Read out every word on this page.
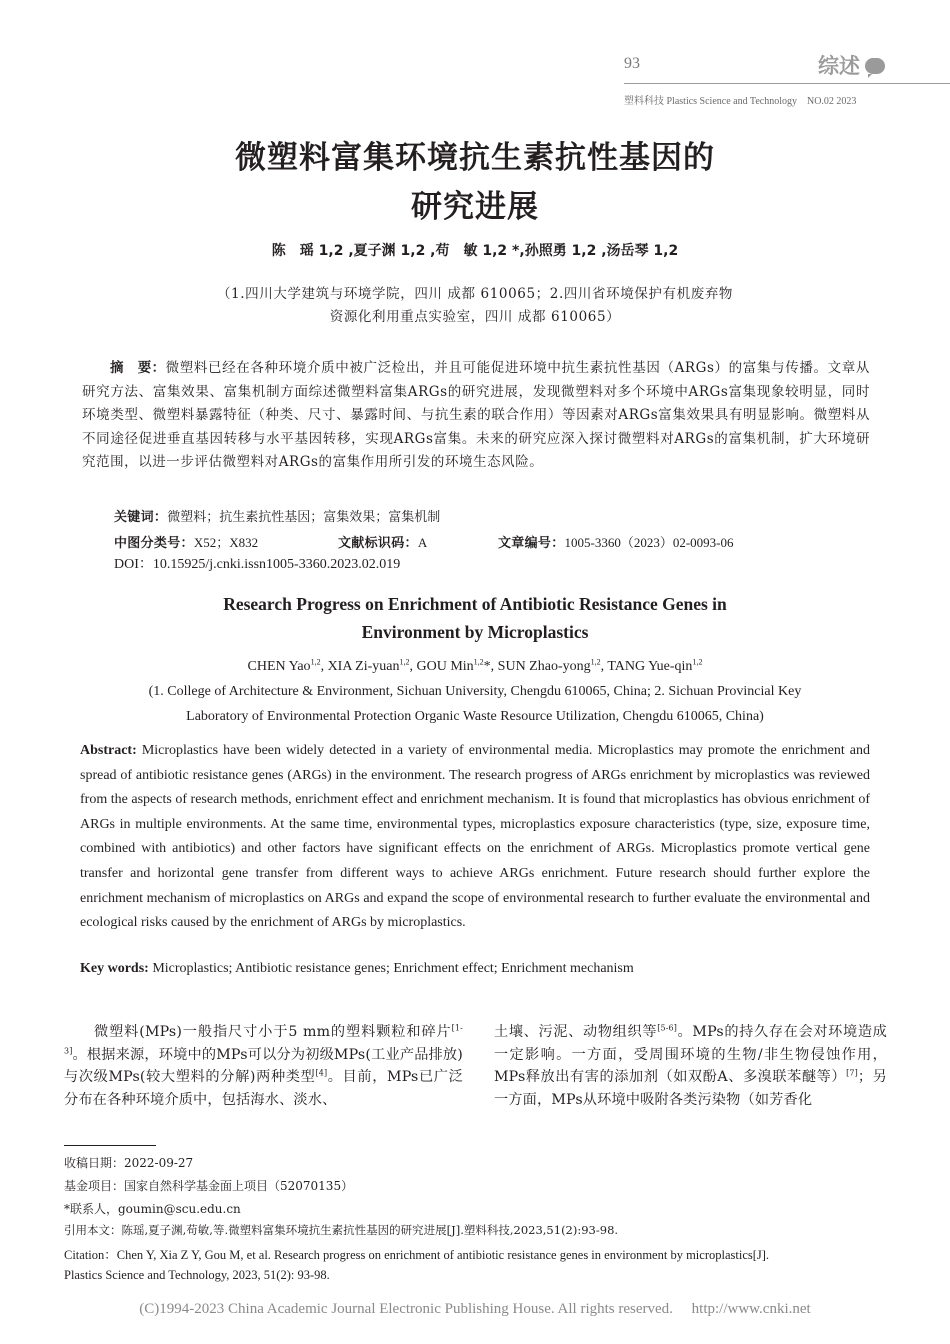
93	综述
塑料科技 Plastics Science and Technology　NO.02 2023
微塑料富集环境抗生素抗性基因的
研究进展
陈　瑶 1,2 ,夏子渊 1,2 ,苟　敏 1,2 *,孙照勇 1,2 ,汤岳琴 1,2
（1.四川大学建筑与环境学院，四川 成都 610065；2.四川省环境保护有机废弃物
资源化利用重点实验室，四川 成都 610065）
摘　要：微塑料已经在各种环境介质中被广泛检出，并且可能促进环境中抗生素抗性基因（ARGs）的富集与传播。文章从研究方法、富集效果、富集机制方面综述微塑料富集ARGs的研究进展，发现微塑料对多个环境中ARGs富集现象较明显，同时环境类型、微塑料暴露特征（种类、尺寸、暴露时间、与抗生素的联合作用）等因素对ARGs富集效果具有明显影响。微塑料从不同途径促进垂直基因转移与水平基因转移，实现ARGs富集。未来的研究应深入探讨微塑料对ARGs的富集机制，扩大环境研究范围，以进一步评估微塑料对ARGs的富集作用所引发的环境生态风险。
关键词：微塑料；抗生素抗性基因；富集效果；富集机制
中图分类号：X52；X832	文献标识码：A	文章编号：1005-3360（2023）02-0093-06
DOI：10.15925/j.cnki.issn1005-3360.2023.02.019
Research Progress on Enrichment of Antibiotic Resistance Genes in
Environment by Microplastics
CHEN Yao$^{1,2}$, XIA Zi-yuan$^{1,2}$, GOU Min$^{1,2}$*, SUN Zhao-yong$^{1,2}$, TANG Yue-qin$^{1,2}$
(1. College of Architecture & Environment, Sichuan University, Chengdu 610065, China; 2. Sichuan Provincial Key
Laboratory of Environmental Protection Organic Waste Resource Utilization, Chengdu 610065, China)
Abstract: Microplastics have been widely detected in a variety of environmental media. Microplastics may promote the enrichment and spread of antibiotic resistance genes (ARGs) in the environment. The research progress of ARGs enrichment by microplastics was reviewed from the aspects of research methods, enrichment effect and enrichment mechanism. It is found that microplastics has obvious enrichment of ARGs in multiple environments. At the same time, environmental types, microplastics exposure characteristics (type, size, exposure time, combined with antibiotics) and other factors have significant effects on the enrichment of ARGs. Microplastics promote vertical gene transfer and horizontal gene transfer from different ways to achieve ARGs enrichment. Future research should further explore the enrichment mechanism of microplastics on ARGs and expand the scope of environmental research to further evaluate the environmental and ecological risks caused by the enrichment of ARGs by microplastics.
Key words: Microplastics; Antibiotic resistance genes; Enrichment effect; Enrichment mechanism
微塑料(MPs)一般指尺寸小于5 mm的塑料颗粒和碎片[1-3]。根据来源，环境中的MPs可以分为初级MPs(工业产品排放)与次级MPs(较大塑料的分解)两种类型[4]。目前，MPs已广泛分布在各种环境介质中，包括海水、淡水、
土壤、污泥、动物组织等[5-6]。MPs的持久存在会对环境造成一定影响。一方面，受周围环境的生物/非生物侵蚀作用，MPs释放出有害的添加剂（如双酚A、多溴联苯醚等）[7]；另一方面，MPs从环境中吸附各类污染物（如芳香化
收稿日期：2022-09-27
基金项目：国家自然科学基金面上项目（52070135）
*联系人，goumin@scu.edu.cn
引用本文：陈瑶,夏子渊,苟敏,等.微塑料富集环境抗生素抗性基因的研究进展[J].塑料科技,2023,51(2):93-98.
Citation：Chen Y, Xia Z Y, Gou M, et al. Research progress on enrichment of antibiotic resistance genes in environment by microplastics[J].
Plastics Science and Technology, 2023, 51(2): 93-98.
(C)1994-2023 China Academic Journal Electronic Publishing House. All rights reserved.　 http://www.cnki.net
